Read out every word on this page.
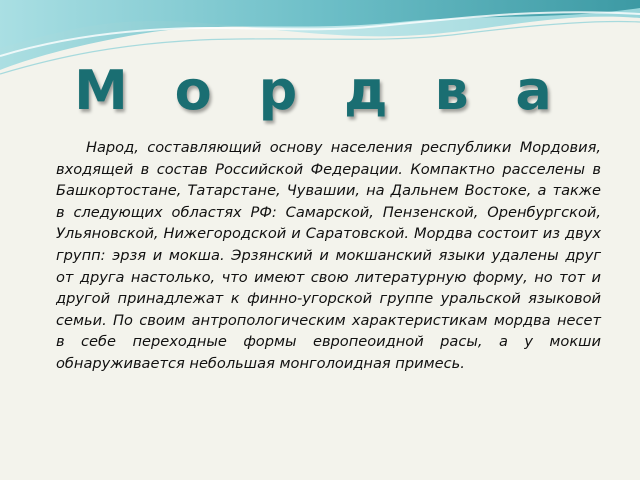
М о р д в а

Народ, составляющий основу населения республики Мордовия, входящей в состав Российской Федерации. Компактно расселены в Башкортостане, Татарстане, Чувашии, на Дальнем Востоке, а также в следующих областях РФ: Самарской, Пензенской, Оренбургской, Ульяновской, Нижегородской и Саратовской. Мордва состоит из двух групп: эрзя и мокша. Эрзянский и мокшанский языки удалены друг от друга настолько, что имеют свою литературную форму, но тот и другой принадлежат к финно-угорской группе уральской языковой семьи. По своим антропологическим характеристикам мордва несет в себе переходные формы европеоидной расы, а у мокши обнаруживается небольшая монголоидная примесь.
